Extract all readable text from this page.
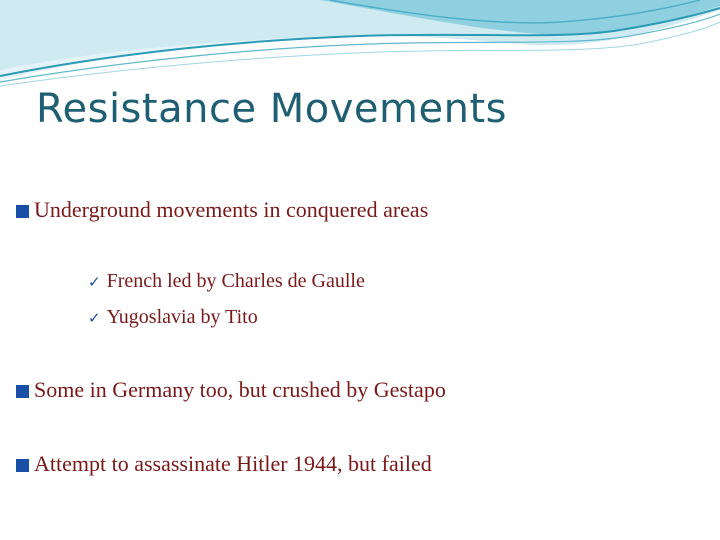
Resistance Movements
Underground movements in conquered areas
✓ French led by Charles de Gaulle
✓ Yugoslavia by Tito
Some in Germany too, but crushed by Gestapo
Attempt to assassinate Hitler 1944, but failed
